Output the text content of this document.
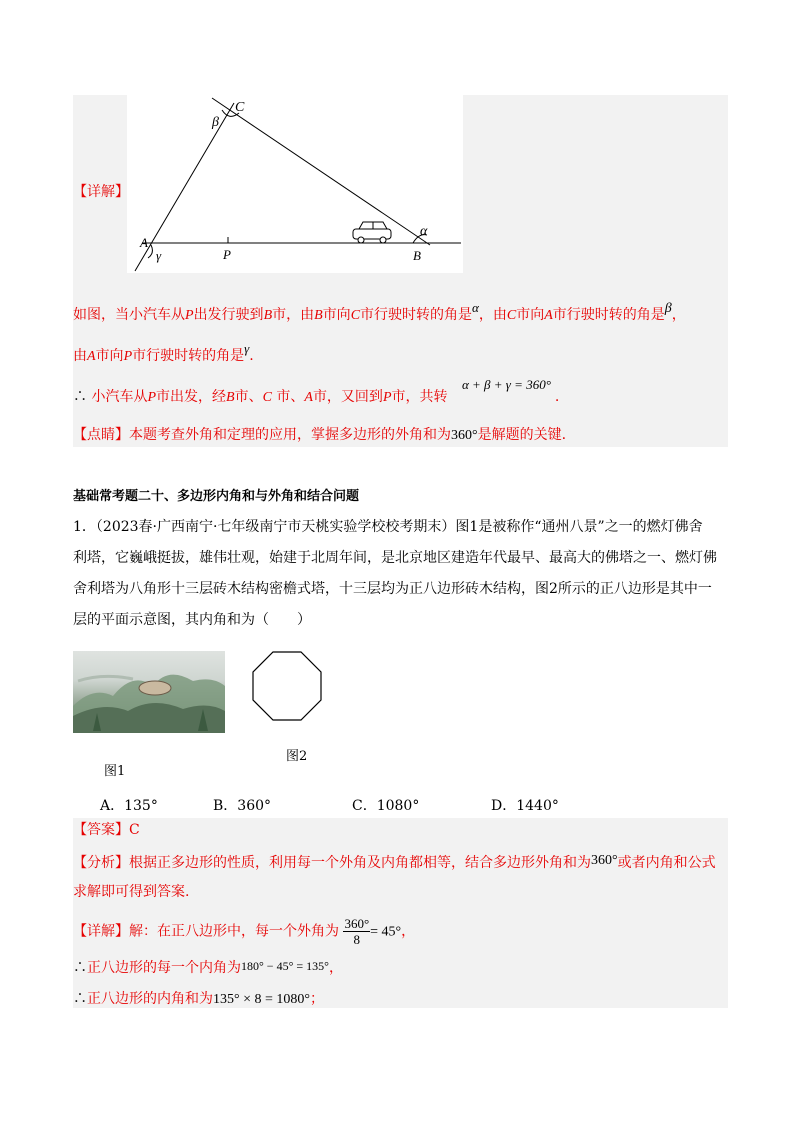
C
β
α
A
γ	P	B
【详解】
如图，当小汽车从P出发行驶到B市，由B市向C市行驶时转的角是α，由C市向A市行驶时转的角是β，
由A市向P市行驶时转的角是γ.
∴ 小汽车从P市出发，经B市、C 市、A市，又回到P市，共转 α + β + γ = 360°.
【点睛】本题考查外角和定理的应用，掌握多边形的外角和为360°是解题的关键.
基础常考题二十、多边形内角和与外角和结合问题
1．（2023春·广西南宁·七年级南宁市天桃实验学校校考期末）图1是被称作“通州八景”之一的燃灯佛舍
利塔，它巍峨挺拔，雄伟壮观，始建于北周年间，是北京地区建造年代最早、最高大的佛塔之一、燃灯佛
舍利塔为八角形十三层砖木结构密檐式塔，十三层均为正八边形砖木结构，图2所示的正八边形是其中一
层的平面示意图，其内角和为（　　）
图1
图2
A．135°	B．360°	C．1080°	D．1440°
【答案】C
【分析】根据正多边形的性质，利用每一个外角及内角都相等，结合多边形外角和为360°或者内角和公式
求解即可得到答案.
【详解】解：在正八边形中，每一个外角为 $\frac{360^\circ}{8} = 45^\circ$，
∴正八边形的每一个内角为180° − 45° = 135°，
∴正八边形的内角和为135° × 8 = 1080°；
